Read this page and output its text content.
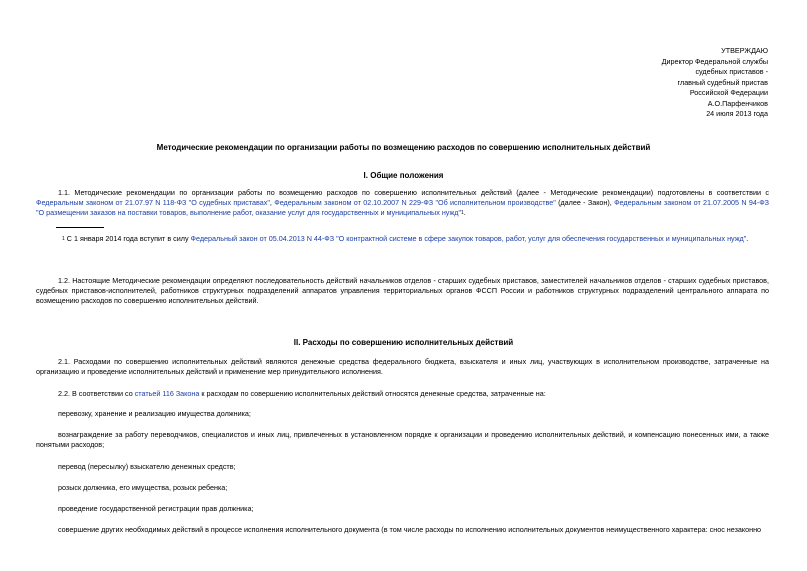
УТВЕРЖДАЮ
Директор Федеральной службы
судебных приставов -
главный судебный пристав
Российской Федерации
А.О.Парфенчиков
24 июля 2013 года
Методические рекомендации по организации работы по возмещению расходов по совершению исполнительных действий
I. Общие положения
1.1. Методические рекомендации по организации работы по возмещению расходов по совершению исполнительных действий (далее - Методические рекомендации) подготовлены в соответствии с Федеральным законом от 21.07.97 N 118-ФЗ "О судебных приставах", Федеральным законом от 02.10.2007 N 229-ФЗ "Об исполнительном производстве" (далее - Закон), Федеральным законом от 21.07.2005 N 94-ФЗ "О размещении заказов на поставки товаров, выполнение работ, оказание услуг для государственных и муниципальных нужд"$^1$.
$^1$ С 1 января 2014 года вступит в силу Федеральный закон от 05.04.2013 N 44-ФЗ "О контрактной системе в сфере закупок товаров, работ, услуг для обеспечения государственных и муниципальных нужд".
1.2. Настоящие Методические рекомендации определяют последовательность действий начальников отделов - старших судебных приставов, заместителей начальников отделов - старших судебных приставов, судебных приставов-исполнителей, работников структурных подразделений аппаратов управления территориальных органов ФССП России и работников структурных подразделений центрального аппарата по возмещению расходов по совершению исполнительных действий.
II. Расходы по совершению исполнительных действий
2.1. Расходами по совершению исполнительных действий являются денежные средства федерального бюджета, взыскателя и иных лиц, участвующих в исполнительном производстве, затраченные на организацию и проведение исполнительных действий и применение мер принудительного исполнения.
2.2. В соответствии со статьей 116 Закона к расходам по совершению исполнительных действий относятся денежные средства, затраченные на:
перевозку, хранение и реализацию имущества должника;
вознаграждение за работу переводчиков, специалистов и иных лиц, привлеченных в установленном порядке к организации и проведению исполнительных действий, и компенсацию понесенных ими, а также понятыми расходов;
перевод (пересылку) взыскателю денежных средств;
розыск должника, его имущества, розыск ребенка;
проведение государственной регистрации прав должника;
совершение других необходимых действий в процессе исполнения исполнительного документа (в том числе расходы по исполнению исполнительных документов неимущественного характера: снос незаконно
